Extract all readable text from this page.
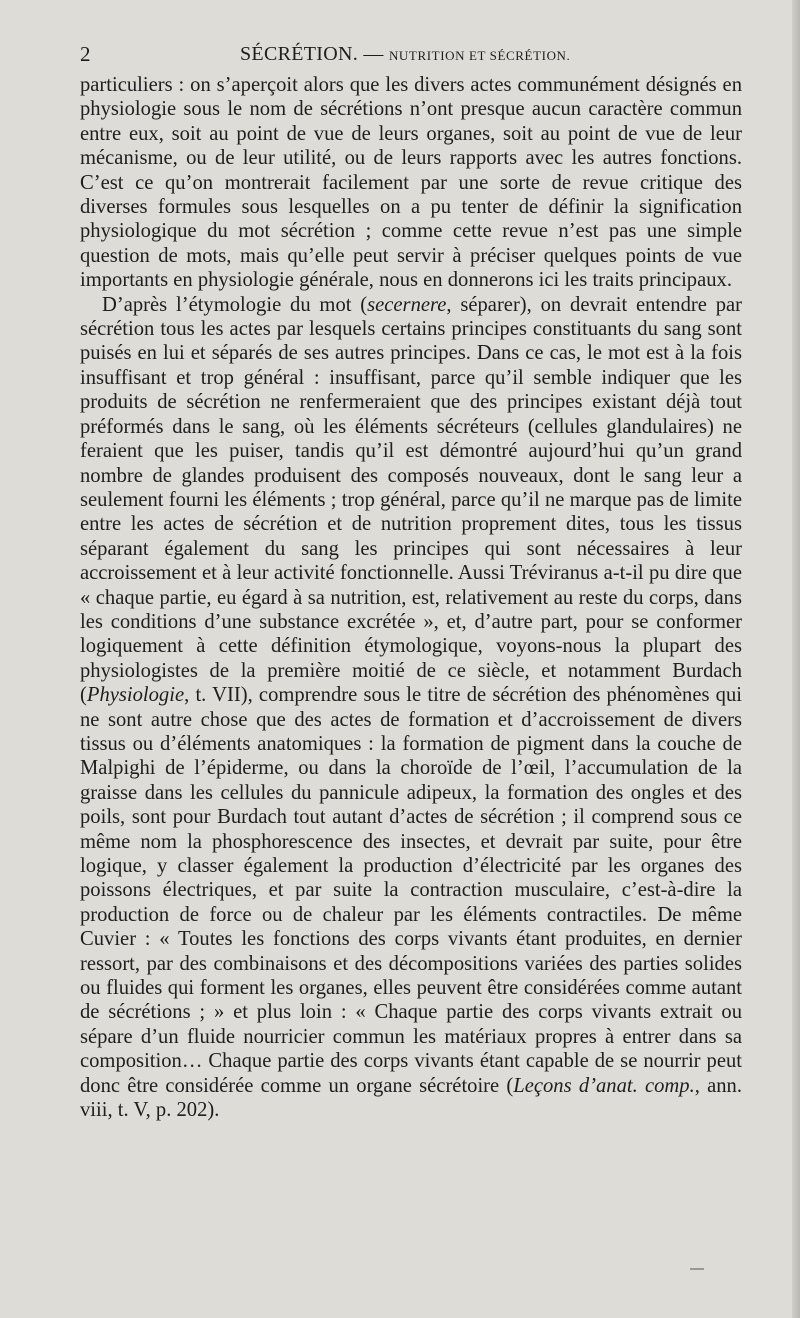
2	SÉCRÉTION. — NUTRITION ET SÉCRÉTION.

particuliers : on s’aperçoit alors que les divers actes communément désignés en physiologie sous le nom de sécrétions n’ont presque aucun caractère commun entre eux, soit au point de vue de leurs organes, soit au point de vue de leur mécanisme, ou de leur utilité, ou de leurs rapports avec les autres fonctions. C’est ce qu’on montrerait facilement par une sorte de revue critique des diverses formules sous lesquelles on a pu tenter de définir la signification physiologique du mot sécrétion ; comme cette revue n’est pas une simple question de mots, mais qu’elle peut servir à préciser quelques points de vue importants en physiologie générale, nous en donnerons ici les traits principaux.

D’après l’étymologie du mot (secernere, séparer), on devrait entendre par sécrétion tous les actes par lesquels certains principes constituants du sang sont puisés en lui et séparés de ses autres principes. Dans ce cas, le mot est à la fois insuffisant et trop général : insuffisant, parce qu’il semble indiquer que les produits de sécrétion ne renfermeraient que des principes existant déjà tout préformés dans le sang, où les éléments sécréteurs (cellules glandulaires) ne feraient que les puiser, tandis qu’il est démontré aujourd’hui qu’un grand nombre de glandes produisent des composés nouveaux, dont le sang leur a seulement fourni les éléments ; trop général, parce qu’il ne marque pas de limite entre les actes de sécrétion et de nutrition proprement dites, tous les tissus séparant également du sang les principes qui sont nécessaires à leur accroissement et à leur activité fonctionnelle. Aussi Tréviranus a-t-il pu dire que « chaque partie, eu égard à sa nutrition, est, relativement au reste du corps, dans les conditions d’une substance excrétée », et, d’autre part, pour se conformer logiquement à cette définition étymologique, voyons-nous la plupart des physiologistes de la première moitié de ce siècle, et notamment Burdach (Physiologie, t. VII), comprendre sous le titre de sécrétion des phénomènes qui ne sont autre chose que des actes de formation et d’accroissement de divers tissus ou d’éléments anatomiques : la formation de pigment dans la couche de Malpighi de l’épiderme, ou dans la choroïde de l’œil, l’accumulation de la graisse dans les cellules du pannicule adipeux, la formation des ongles et des poils, sont pour Burdach tout autant d’actes de sécrétion ; il comprend sous ce même nom la phosphorescence des insectes, et devrait par suite, pour être logique, y classer également la production d’électricité par les organes des poissons électriques, et par suite la contraction musculaire, c’est-à-dire la production de force ou de chaleur par les éléments contractiles. De même Cuvier : « Toutes les fonctions des corps vivants étant produites, en dernier ressort, par des combinaisons et des décompositions variées des parties solides ou fluides qui forment les organes, elles peuvent être considérées comme autant de sécrétions ; » et plus loin : « Chaque partie des corps vivants extrait ou sépare d’un fluide nourricier commun les matériaux propres à entrer dans sa composition… Chaque partie des corps vivants étant capable de se nourrir peut donc être considérée comme un organe sécrétoire (Leçons d’anat. comp., ann. viii, t. V, p. 202).
